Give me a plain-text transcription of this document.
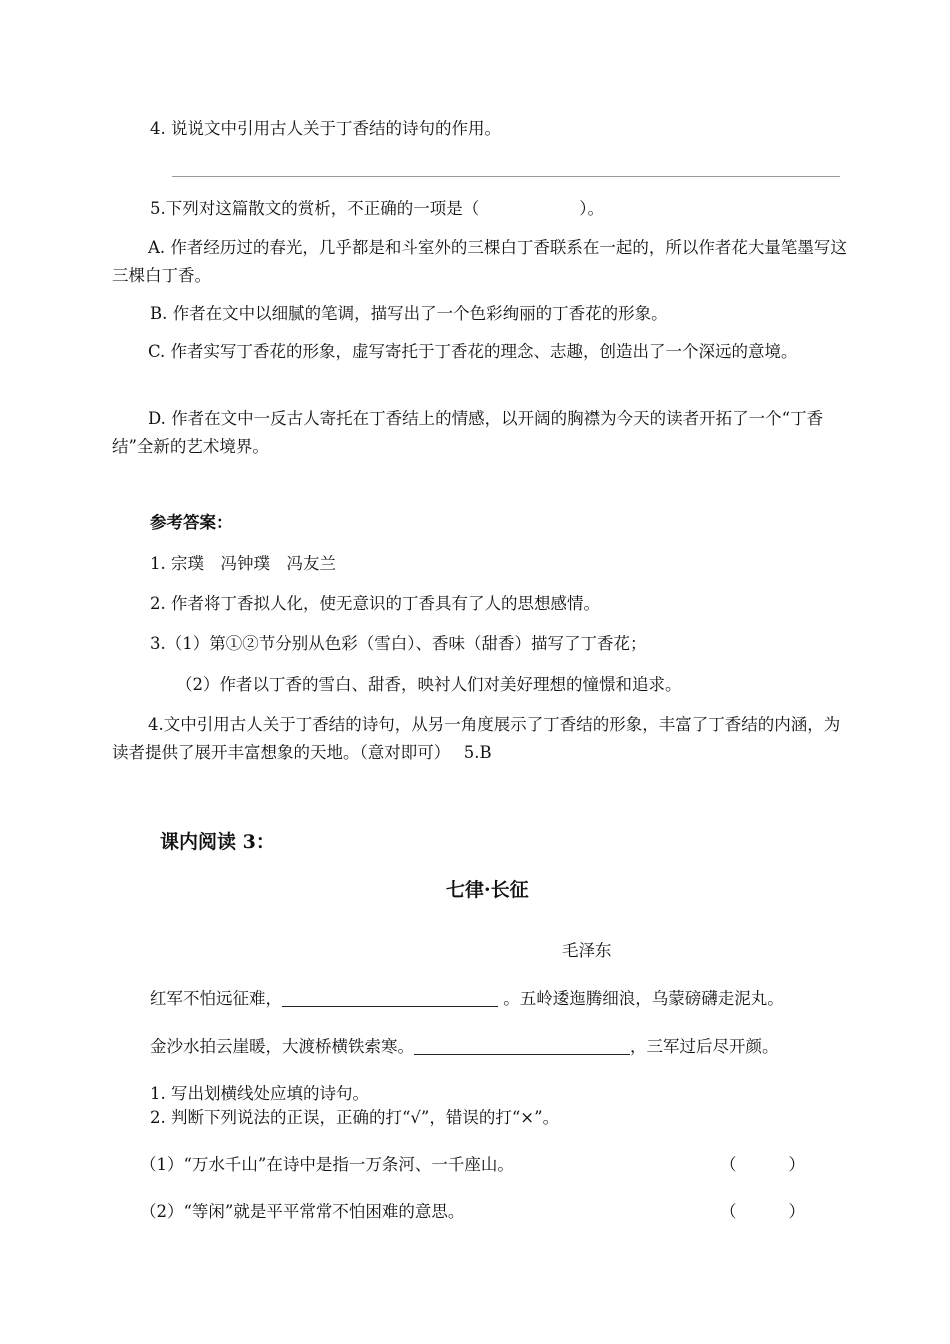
4. 说说文中引用古人关于丁香结的诗句的作用。
5.下列对这篇散文的赏析，不正确的一项是（	）。
A. 作者经历过的春光，几乎都是和斗室外的三棵白丁香联系在一起的，所以作者花大量笔墨写这三棵白丁香。
B. 作者在文中以细腻的笔调，描写出了一个色彩绚丽的丁香花的形象。
C. 作者实写丁香花的形象，虚写寄托于丁香花的理念、志趣，创造出了一个深远的意境。
D. 作者在文中一反古人寄托在丁香结上的情感，以开阔的胸襟为今天的读者开拓了一个“丁香结”全新的艺术境界。
参考答案：
1. 宗璞　冯钟璞　冯友兰
2. 作者将丁香拟人化，使无意识的丁香具有了人的思想感情。
3.（1）第①②节分别从色彩（雪白）、香味（甜香）描写了丁香花；
（2）作者以丁香的雪白、甜香，映衬人们对美好理想的憧憬和追求。
4.文中引用古人关于丁香结的诗句，从另一角度展示了丁香结的形象，丰富了丁香结的内涵，为读者提供了展开丰富想象的天地。（意对即可）　 5.B
课内阅读 3：
七律·长征
毛泽东
红军不怕远征难，	。五岭逶迤腾细浪，乌蒙磅礴走泥丸。
金沙水拍云崖暖，大渡桥横铁索寒。	，三军过后尽开颜。
1. 写出划横线处应填的诗句。
2. 判断下列说法的正误，正确的打“√”，错误的打“×”。
（1）“万水千山”在诗中是指一万条河、一千座山。	（	）
（2）“等闲”就是平平常常不怕困难的意思。	（	）
